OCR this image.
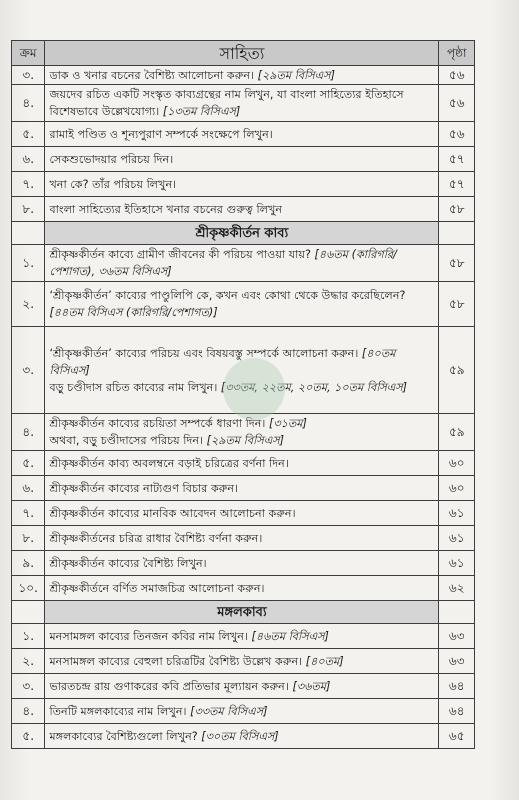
ক্রম	সাহিত্য	পৃষ্ঠা
৩.	ডাক ও খনার বচনের বৈশিষ্ট্য আলোচনা করুন। [২৯তম বিসিএস]	৫৬
৪.	জয়দেব রচিত একটি সংস্কৃত কাব্যগ্রন্থের নাম লিখুন, যা বাংলা সাহিত্যের ইতিহাসে বিশেষভাবে উল্লেখযোগ্য। [১৩তম বিসিএস]	৫৬
৫.	রামাই পণ্ডিত ও শূন্যপুরাণ সম্পর্কে সংক্ষেপে লিখুন।	৫৬
৬.	সেকশুভোদয়ার পরিচয় দিন।	৫৭
৭.	খনা কে? তাঁর পরিচয় লিখুন।	৫৭
৮.	বাংলা সাহিত্যের ইতিহাসে খনার বচনের গুরুত্ব লিখুন	৫৮
	শ্রীকৃষ্ণকীর্তন কাব্য	
১.	শ্রীকৃষ্ণকীর্তন কাব্যে গ্রামীণ জীবনের কী পরিচয় পাওয়া যায়? [৪৬তম (কারিগরি/পেশাগত), ৩৬তম বিসিএস]	৫৮
২.	‘শ্রীকৃষ্ণকীর্তন’ কাব্যের পাণ্ডুলিপি কে, কখন এবং কোথা থেকে উদ্ধার করেছিলেন? [৪৪তম বিসিএস (কারিগরি/পেশাগত)]	৫৮
৩.	‘শ্রীকৃষ্ণকীর্তন’ কাব্যের পরিচয় এবং বিষয়বস্তু সম্পর্কে আলোচনা করুন। [৪০তম বিসিএস]
বড়ু চণ্ডীদাস রচিত কাব্যের নাম লিখুন। [৩৩তম, ২২তম, ২০তম, ১০তম বিসিএস]	৫৯
৪.	শ্রীকৃষ্ণকীর্তন কাব্যের রচয়িতা সম্পর্কে ধারণা দিন। [৩১তম]
অথবা, বড়ু চণ্ডীদাসের পরিচয় দিন। [২৯তম বিসিএস]	৫৯
৫.	শ্রীকৃষ্ণকীর্তন কাব্য অবলম্বনে বড়াই চরিত্রের বর্ণনা দিন।	৬০
৬.	শ্রীকৃষ্ণকীর্তন কাব্যের নাট্যগুণ বিচার করুন।	৬০
৭.	শ্রীকৃষ্ণকীর্তন কাব্যের মানবিক আবেদন আলোচনা করুন।	৬১
৮.	শ্রীকৃষ্ণকীর্তনের চরিত্র রাধার বৈশিষ্ট্য বর্ণনা করুন।	৬১
৯.	শ্রীকৃষ্ণকীর্তন কাব্যের বৈশিষ্ট্য লিখুন।	৬১
১০.	শ্রীকৃষ্ণকীর্তনে বর্ণিত সমাজচিত্র আলোচনা করুন।	৬২
	মঙ্গলকাব্য	
১.	মনসামঙ্গল কাব্যের তিনজন কবির নাম লিখুন। [৪৬তম বিসিএস]	৬৩
২.	মনসামঙ্গল কাব্যের বেহুলা চরিত্রটির বৈশিষ্ট্য উল্লেখ করুন। [৪০তম]	৬৩
৩.	ভারতচন্দ্র রায় গুণাকরের কবি প্রতিভার মূল্যায়ন করুন। [৩৬তম]	৬৪
৪.	তিনটি মঙ্গলকাব্যের নাম লিখুন। [৩৩তম বিসিএস]	৬৪
৫.	মঙ্গলকাব্যের বৈশিষ্ট্যগুলো লিখুন? [৩০তম বিসিএস]	৬৫
